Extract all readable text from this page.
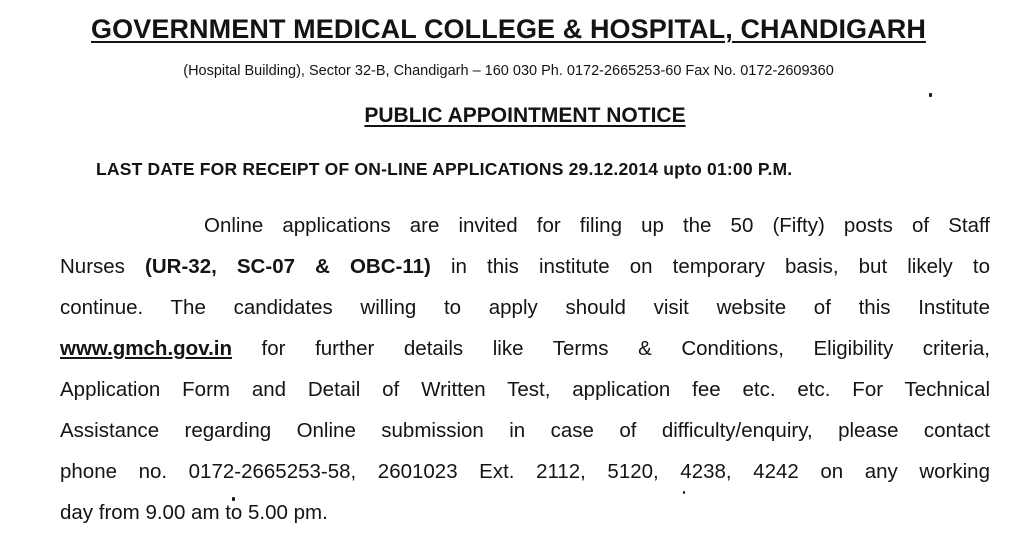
GOVERNMENT MEDICAL COLLEGE & HOSPITAL, CHANDIGARH
(Hospital Building), Sector 32-B, Chandigarh – 160 030 Ph. 0172-2665253-60 Fax No. 0172-2609360
PUBLIC APPOINTMENT NOTICE
LAST DATE FOR RECEIPT OF ON-LINE APPLICATIONS 29.12.2014 upto 01:00 P.M.
Online applications are invited for filing up the 50 (Fifty) posts of Staff
Nurses (UR-32, SC-07 & OBC-11) in this institute on temporary basis, but likely to
continue. The candidates willing to apply should visit website of this Institute
www.gmch.gov.in for further details like Terms & Conditions, Eligibility criteria,
Application Form and Detail of Written Test, application fee etc. etc. For Technical
Assistance regarding Online submission in case of difficulty/enquiry, please contact
phone no. 0172-2665253-58, 2601023 Ext. 2112, 5120, 4238, 4242 on any working
day from 9.00 am to 5.00 pm.
